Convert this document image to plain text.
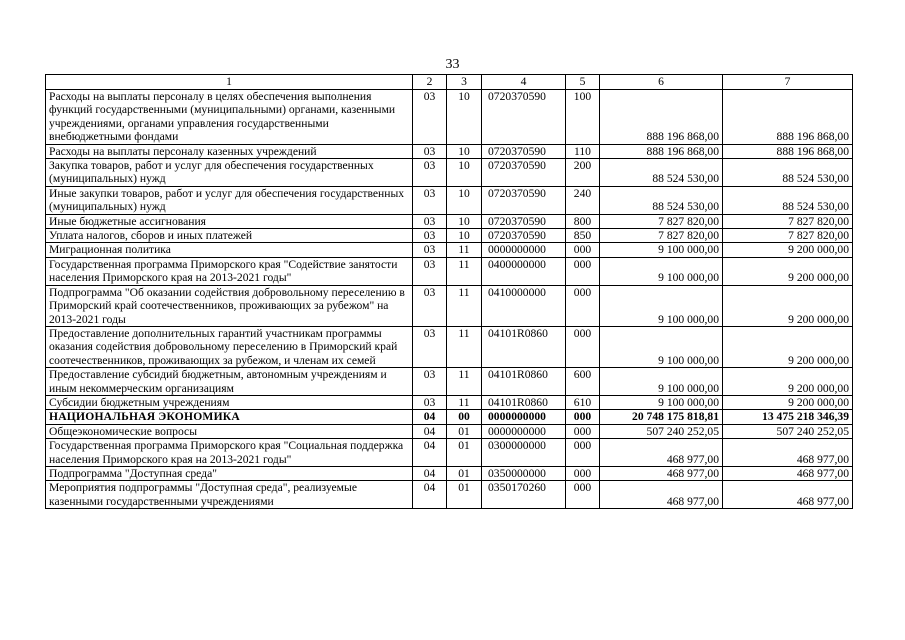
33
1	2	3	4	5	6	7
Расходы на выплаты персоналу в целях обеспечения выполнения функций государственными (муниципальными) органами, казенными учреждениями, органами управления государственными внебюджетными фондами	03	10	0720370590	100	888 196 868,00	888 196 868,00
Расходы на выплаты персоналу казенных учреждений	03	10	0720370590	110	888 196 868,00	888 196 868,00
Закупка товаров, работ и услуг для обеспечения государственных (муниципальных) нужд	03	10	0720370590	200	88 524 530,00	88 524 530,00
Иные закупки товаров, работ и услуг для обеспечения государственных (муниципальных) нужд	03	10	0720370590	240	88 524 530,00	88 524 530,00
Иные бюджетные ассигнования	03	10	0720370590	800	7 827 820,00	7 827 820,00
Уплата налогов, сборов и иных платежей	03	10	0720370590	850	7 827 820,00	7 827 820,00
Миграционная политика	03	11	0000000000	000	9 100 000,00	9 200 000,00
Государственная программа Приморского края "Содействие занятости населения Приморского края на 2013-2021 годы"	03	11	0400000000	000	9 100 000,00	9 200 000,00
Подпрограмма "Об оказании содействия добровольному переселению в Приморский край соотечественников, проживающих за рубежом" на 2013-2021 годы	03	11	0410000000	000	9 100 000,00	9 200 000,00
Предоставление дополнительных гарантий участникам программы оказания содействия добровольному переселению в Приморский край соотечественников, проживающих за рубежом, и членам их семей	03	11	04101R0860	000	9 100 000,00	9 200 000,00
Предоставление субсидий бюджетным, автономным учреждениям и иным некоммерческим организациям	03	11	04101R0860	600	9 100 000,00	9 200 000,00
Субсидии бюджетным учреждениям	03	11	04101R0860	610	9 100 000,00	9 200 000,00
НАЦИОНАЛЬНАЯ ЭКОНОМИКА	04	00	0000000000	000	20 748 175 818,81	13 475 218 346,39
Общеэкономические вопросы	04	01	0000000000	000	507 240 252,05	507 240 252,05
Государственная программа Приморского края "Социальная поддержка населения Приморского края на 2013-2021 годы"	04	01	0300000000	000	468 977,00	468 977,00
Подпрограмма "Доступная среда"	04	01	0350000000	000	468 977,00	468 977,00
Мероприятия подпрограммы "Доступная среда", реализуемые казенными государственными учреждениями	04	01	0350170260	000	468 977,00	468 977,00
